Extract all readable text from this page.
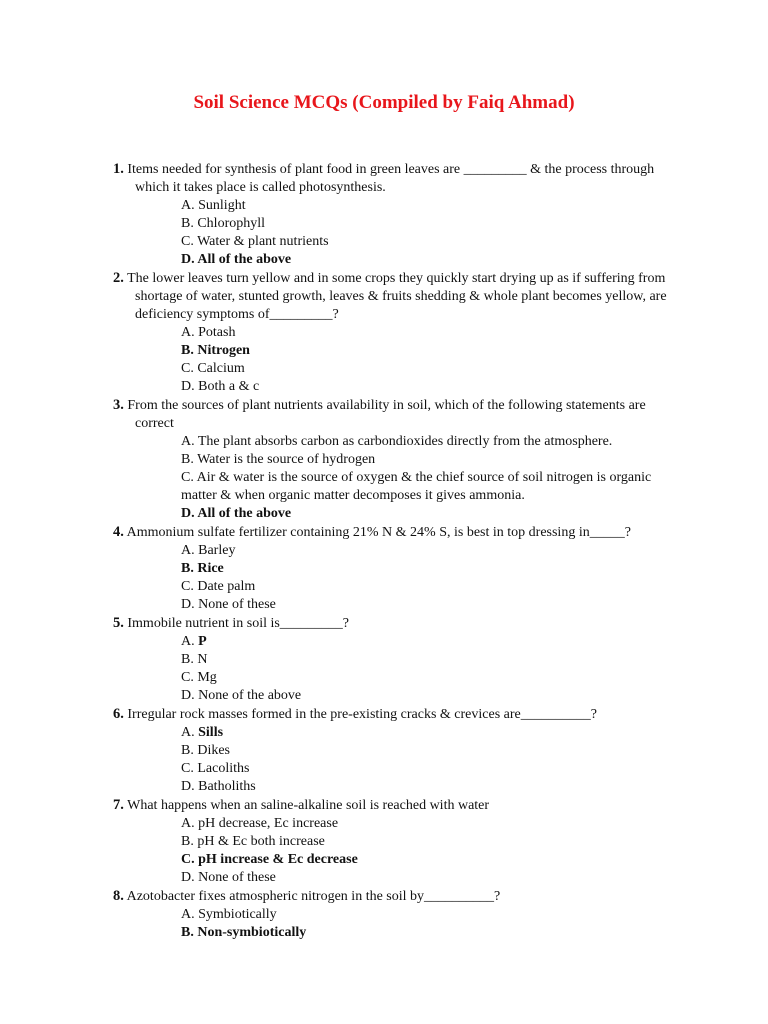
Soil Science MCQs (Compiled by Faiq Ahmad)
1. Items needed for synthesis of plant food in green leaves are _________ & the process through which it takes place is called photosynthesis.
A. Sunlight
B. Chlorophyll
C. Water & plant nutrients
D. All of the above
2. The lower leaves turn yellow and in some crops they quickly start drying up as if suffering from shortage of water, stunted growth, leaves & fruits shedding & whole plant becomes yellow, are deficiency symptoms of_________?
A. Potash
B. Nitrogen
C. Calcium
D. Both a & c
3. From the sources of plant nutrients availability in soil, which of the following statements are correct
A. The plant absorbs carbon as carbondioxides directly from the atmosphere.
B. Water is the source of hydrogen
C. Air & water is the source of oxygen & the chief source of soil nitrogen is organic matter & when organic matter decomposes it gives ammonia.
D. All of the above
4. Ammonium sulfate fertilizer containing 21% N & 24% S, is best in top dressing in_____?
A. Barley
B. Rice
C. Date palm
D. None of these
5. Immobile nutrient in soil is_________?
A. P
B. N
C. Mg
D. None of the above
6. Irregular rock masses formed in the pre-existing cracks & crevices are__________?
A. Sills
B. Dikes
C. Lacoliths
D. Batholiths
7. What happens when an saline-alkaline soil is reached with water
A. pH decrease, Ec increase
B. pH & Ec both increase
C. pH increase & Ec decrease
D. None of these
8. Azotobacter fixes atmospheric nitrogen in the soil by__________?
A. Symbiotically
B. Non-symbiotically
